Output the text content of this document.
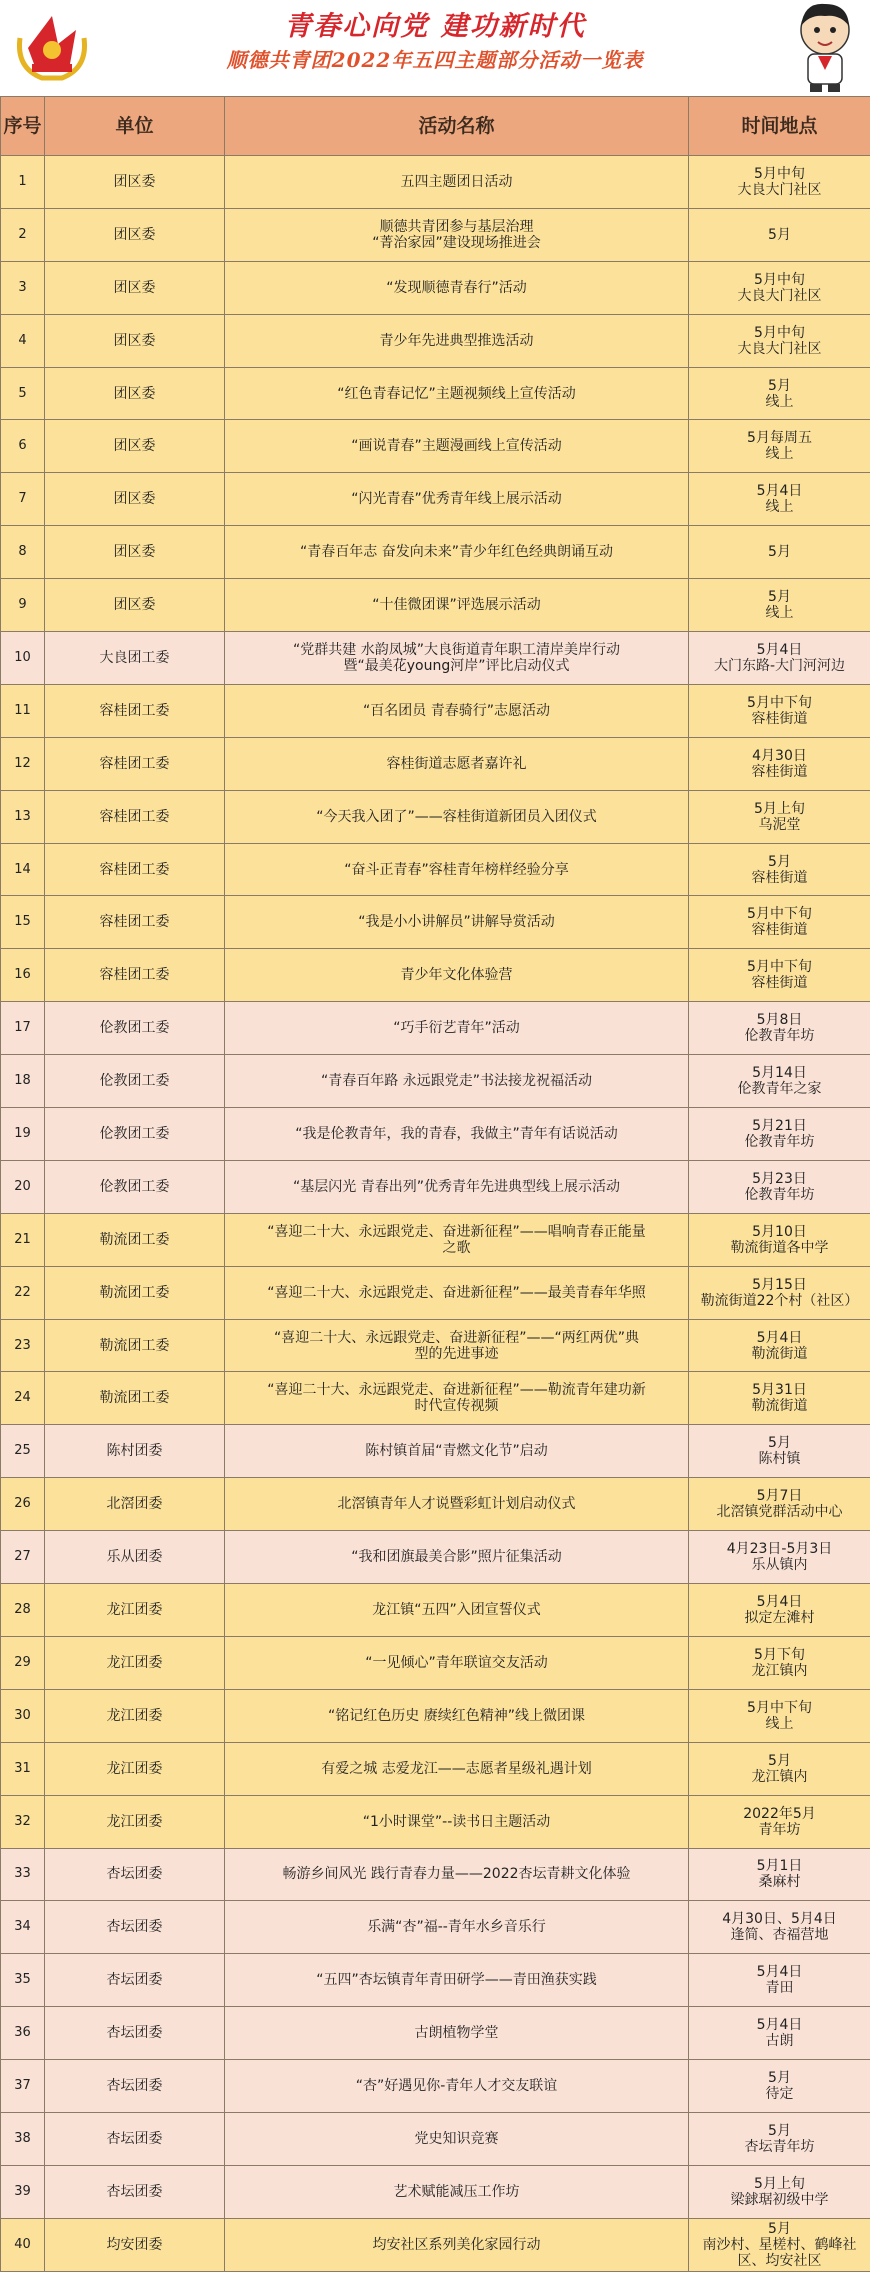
青春心向党 建功新时代
顺德共青团2022年五四主题部分活动一览表
序号	单位	活动名称	时间地点
1	团区委	五四主题团日活动	5月中旬
大良大门社区
2	团区委	顺德共青团参与基层治理
“菁治家园”建设现场推进会	5月
3	团区委	“发现顺德青春行”活动	5月中旬
大良大门社区
4	团区委	青少年先进典型推选活动	5月中旬
大良大门社区
5	团区委	“红色青春记忆”主题视频线上宣传活动	5月
线上
6	团区委	“画说青春”主题漫画线上宣传活动	5月每周五
线上
7	团区委	“闪光青春”优秀青年线上展示活动	5月4日
线上
8	团区委	“青春百年志 奋发向未来”青少年红色经典朗诵互动	5月
9	团区委	“十佳微团课”评选展示活动	5月
线上
10	大良团工委	“党群共建 水韵凤城”大良街道青年职工清岸美岸行动
暨“最美花young河岸”评比启动仪式	5月4日
大门东路-大门河河边
11	容桂团工委	“百名团员 青春骑行”志愿活动	5月中下旬
容桂街道
12	容桂团工委	容桂街道志愿者嘉许礼	4月30日
容桂街道
13	容桂团工委	“今天我入团了”——容桂街道新团员入团仪式	5月上旬
乌泥堂
14	容桂团工委	“奋斗正青春”容桂青年榜样经验分享	5月
容桂街道
15	容桂团工委	“我是小小讲解员”讲解导赏活动	5月中下旬
容桂街道
16	容桂团工委	青少年文化体验营	5月中下旬
容桂街道
17	伦教团工委	“巧手衍艺青年”活动	5月8日
伦教青年坊
18	伦教团工委	“青春百年路 永远跟党走”书法接龙祝福活动	5月14日
伦教青年之家
19	伦教团工委	“我是伦教青年，我的青春，我做主”青年有话说活动	5月21日
伦教青年坊
20	伦教团工委	“基层闪光 青春出列”优秀青年先进典型线上展示活动	5月23日
伦教青年坊
21	勒流团工委	“喜迎二十大、永远跟党走、奋进新征程”——唱响青春正能量
之歌	5月10日
勒流街道各中学
22	勒流团工委	“喜迎二十大、永远跟党走、奋进新征程”——最美青春年华照	5月15日
勒流街道22个村（社区）
23	勒流团工委	“喜迎二十大、永远跟党走、奋进新征程”——“两红两优”典
型的先进事迹	5月4日
勒流街道
24	勒流团工委	“喜迎二十大、永远跟党走、奋进新征程”——勒流青年建功新
时代宣传视频	5月31日
勒流街道
25	陈村团委	陈村镇首届“青燃文化节”启动	5月
陈村镇
26	北滘团委	北滘镇青年人才说暨彩虹计划启动仪式	5月7日
北滘镇党群活动中心
27	乐从团委	“我和团旗最美合影”照片征集活动	4月23日-5月3日
乐从镇内
28	龙江团委	龙江镇“五四”入团宣誓仪式	5月4日
拟定左滩村
29	龙江团委	“一见倾心”青年联谊交友活动	5月下旬
龙江镇内
30	龙江团委	“铭记红色历史 赓续红色精神”线上微团课	5月中下旬
线上
31	龙江团委	有爱之城 志爱龙江——志愿者星级礼遇计划	5月
龙江镇内
32	龙江团委	“1小时课堂”--读书日主题活动	2022年5月
青年坊
33	杏坛团委	畅游乡间风光 践行青春力量——2022杏坛青耕文化体验	5月1日
桑麻村
34	杏坛团委	乐满“杏”福--青年水乡音乐行	4月30日、5月4日
逢简、杏福营地
35	杏坛团委	“五四”杏坛镇青年青田研学——青田渔获实践	5月4日
青田
36	杏坛团委	古朗植物学堂	5月4日
古朗
37	杏坛团委	“杏”好遇见你-青年人才交友联谊	5月
待定
38	杏坛团委	党史知识竞赛	5月
杏坛青年坊
39	杏坛团委	艺术赋能减压工作坊	5月上旬
梁銶琚初级中学
40	均安团委	均安社区系列美化家园行动	5月
南沙村、星槎村、鹤峰社
区、均安社区
